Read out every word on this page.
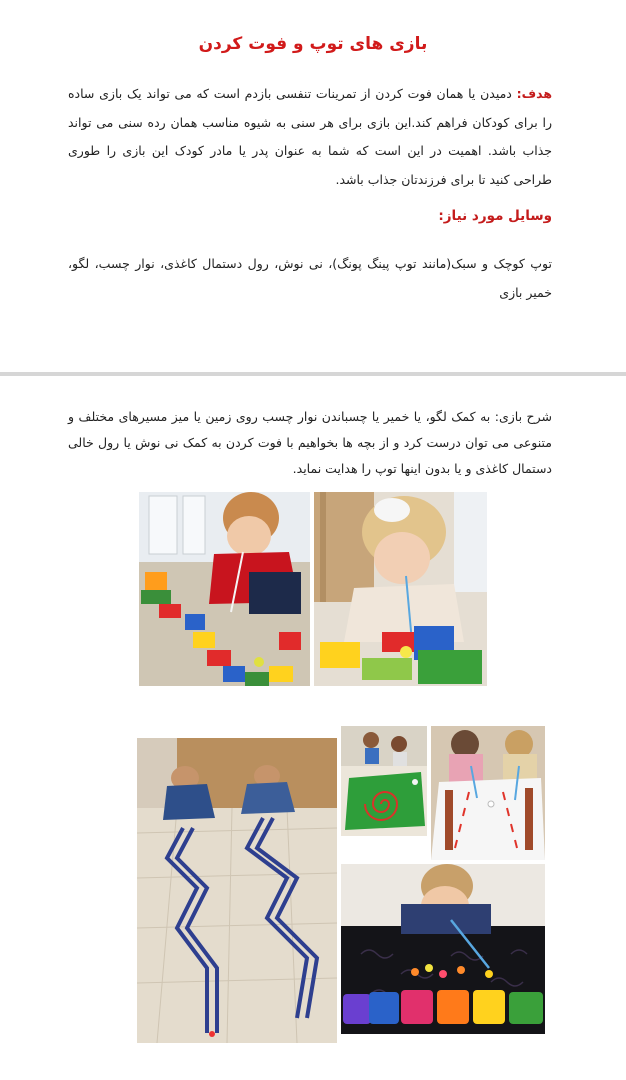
بازی های توپ و فوت کردن
هدف: دمیدن یا همان فوت کردن از تمرینات تنفسی بازدم است که می تواند یک بازی ساده را برای کودکان فراهم کند.این بازی برای هر سنی به شیوه مناسب همان رده سنی می تواند جذاب باشد. اهمیت در این است که شما به عنوان پدر یا مادر کودک این بازی را طوری طراحی کنید تا برای فرزندتان جذاب باشد.
وسایل مورد نیاز:
توپ کوچک و سبک(مانند توپ پینگ پونگ)، نی نوش، رول دستمال کاغذی، نوار چسب، لگو، خمیر بازی
شرح بازی: به کمک لگو، یا خمیر یا چسباندن نوار چسب روی زمین یا میز مسیرهای مختلف و متنوعی می توان درست کرد و از بچه ها بخواهیم با فوت کردن به کمک نی نوش یا رول خالی دستمال کاغذی و یا بدون اینها توپ را هدایت نماید.
